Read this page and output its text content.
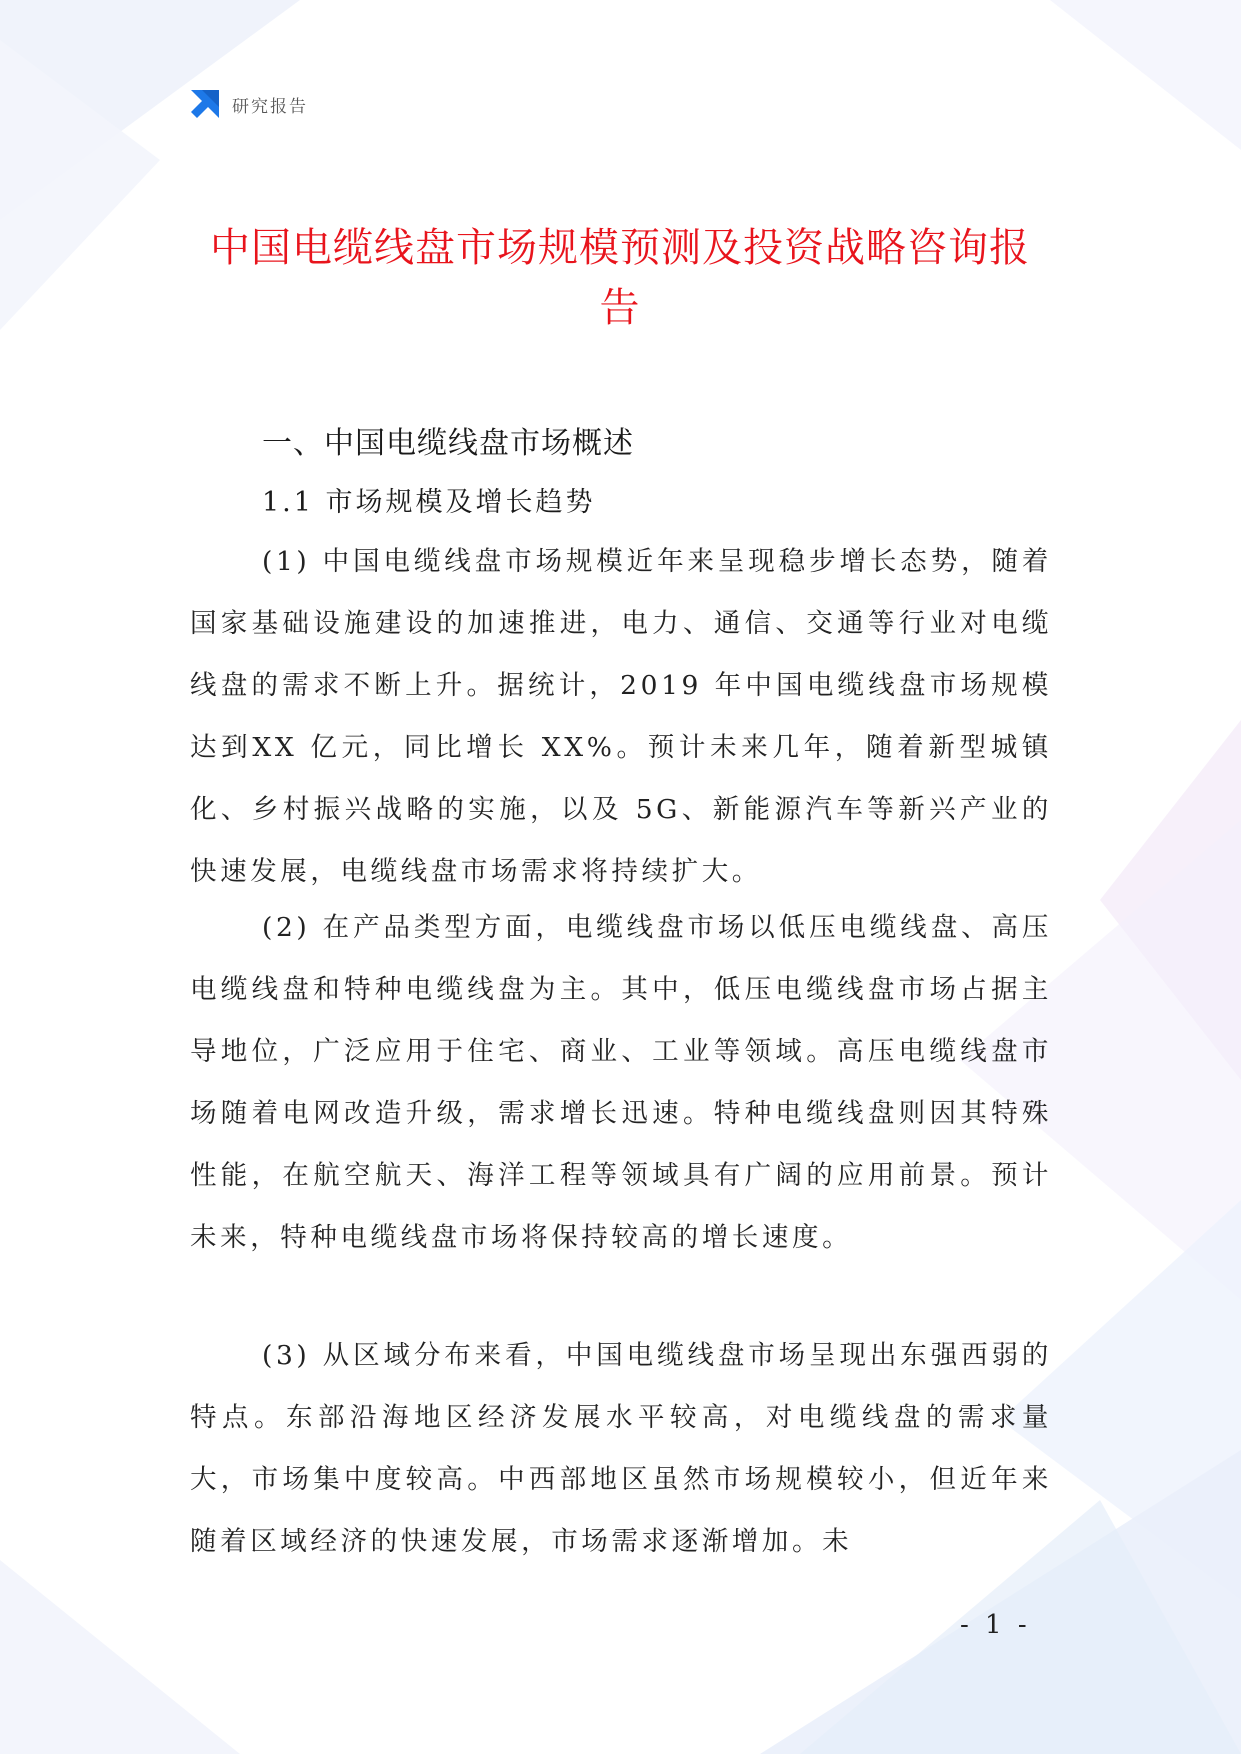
研究报告
中国电缆线盘市场规模预测及投资战略咨询报告
一、中国电缆线盘市场概述
1.1 市场规模及增长趋势

(1) 中国电缆线盘市场规模近年来呈现稳步增长态势，随着国家基础设施建设的加速推进，电力、通信、交通等行业对电缆线盘的需求不断上升。据统计，2019 年中国电缆线盘市场规模达到XX 亿元，同比增长 XX%。预计未来几年，随着新型城镇化、乡村振兴战略的实施，以及 5G、新能源汽车等新兴产业的快速发展，电缆线盘市场需求将持续扩大。

(2) 在产品类型方面，电缆线盘市场以低压电缆线盘、高压电缆线盘和特种电缆线盘为主。其中，低压电缆线盘市场占据主导地位，广泛应用于住宅、商业、工业等领域。高压电缆线盘市场随着电网改造升级，需求增长迅速。特种电缆线盘则因其特殊性能，在航空航天、海洋工程等领域具有广阔的应用前景。预计未来，特种电缆线盘市场将保持较高的增长速度。

(3) 从区域分布来看，中国电缆线盘市场呈现出东强西弱的特点。东部沿海地区经济发展水平较高，对电缆线盘的需求量大，市场集中度较高。中西部地区虽然市场规模较小，但近年来随着区域经济的快速发展，市场需求逐渐增加。未

- 1 -
